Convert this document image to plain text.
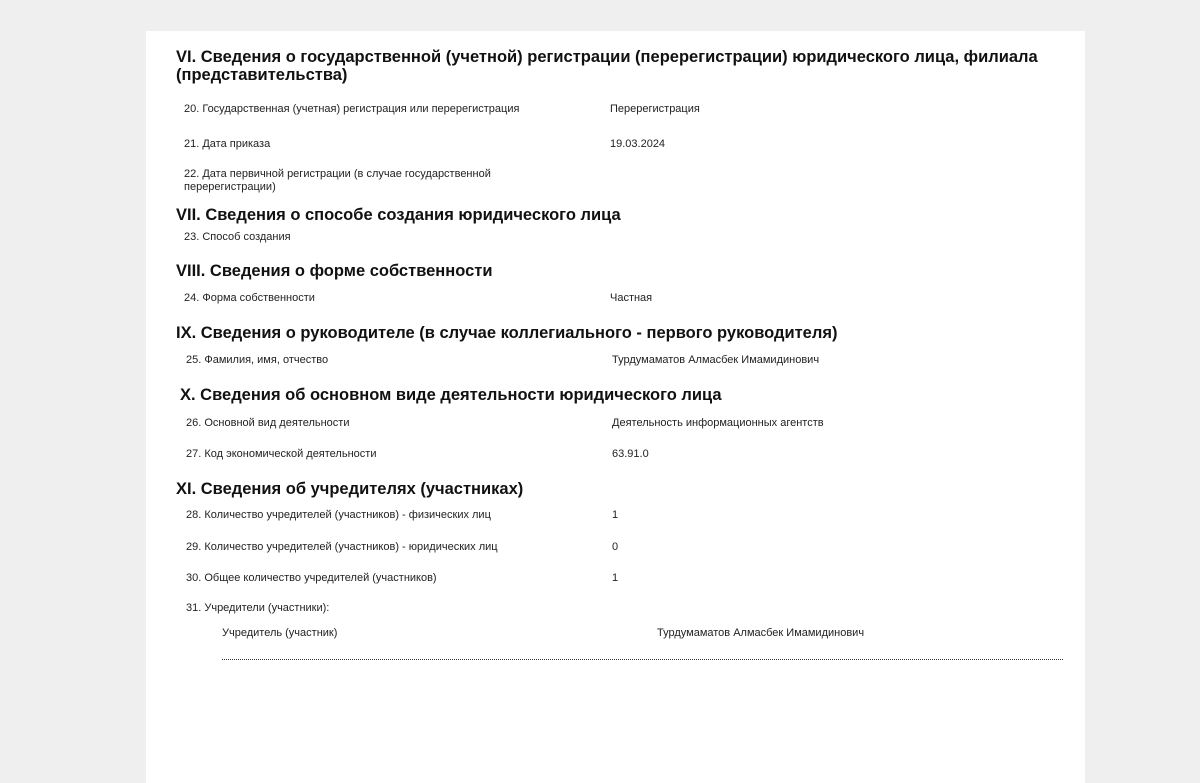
VI. Сведения о государственной (учетной) регистрации (перерегистрации) юридического лица, филиала (представительства)
20. Государственная (учетная) регистрация или перерегистрация	Перерегистрация
21. Дата приказа	19.03.2024
22. Дата первичной регистрации (в случае государственной перерегистрации)
VII. Сведения о способе создания юридического лица
23. Способ создания
VIII. Сведения о форме собственности
24. Форма собственности	Частная
IX. Сведения о руководителе (в случае коллегиального - первого руководителя)
25. Фамилия, имя, отчество	Турдумаматов Алмасбек Имамидинович
X. Сведения об основном виде деятельности юридического лица
26. Основной вид деятельности	Деятельность информационных агентств
27. Код экономической деятельности	63.91.0
XI. Сведения об учредителях (участниках)
28. Количество учредителей (участников) - физических лиц	1
29. Количество учредителей (участников) - юридических лиц	0
30. Общее количество учредителей (участников)	1
31. Учредители (участники):
Учредитель (участник)	Турдумаматов Алмасбек Имамидинович
